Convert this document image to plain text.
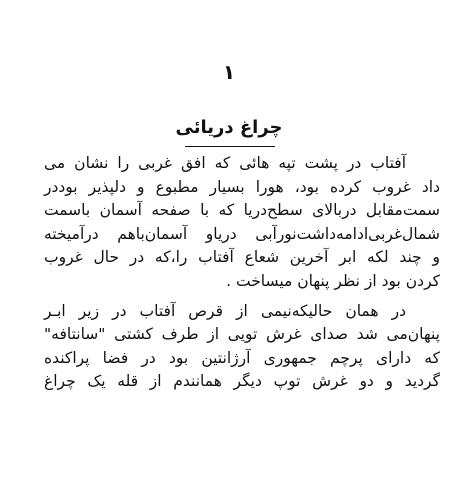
۱
چراغ دریائی
آفتاب در پشت تپه هائی که افق غربی را نشان می
داد غروب کرده بود، هورا بسیار مطبوع و دلپذیر بوددر
سمت‌مقابل دربالای سطح‌دریا که با صفحه آسمان باسمت
شمال‌غربی‌ادامه‌داشت‌نورآبی دریاو آسمان‌باهم درآمیخته
و چند لکه ابر آخرین شعاع آفتاب را،که در حال غروب
کردن بود از نظر پنهان میساخت .
در همان حالیکه‌نیمی از قرص آفتاب در زیر ابـر
پنهان‌می شد صدای غرش تویی از طرف کشتی "سانتافه"
که دارای پرچم جمهوری آرژانتین بود در فضا پراکنده
گردید و دو غرش توپ دیگر همانندم از قله یک چراغ
